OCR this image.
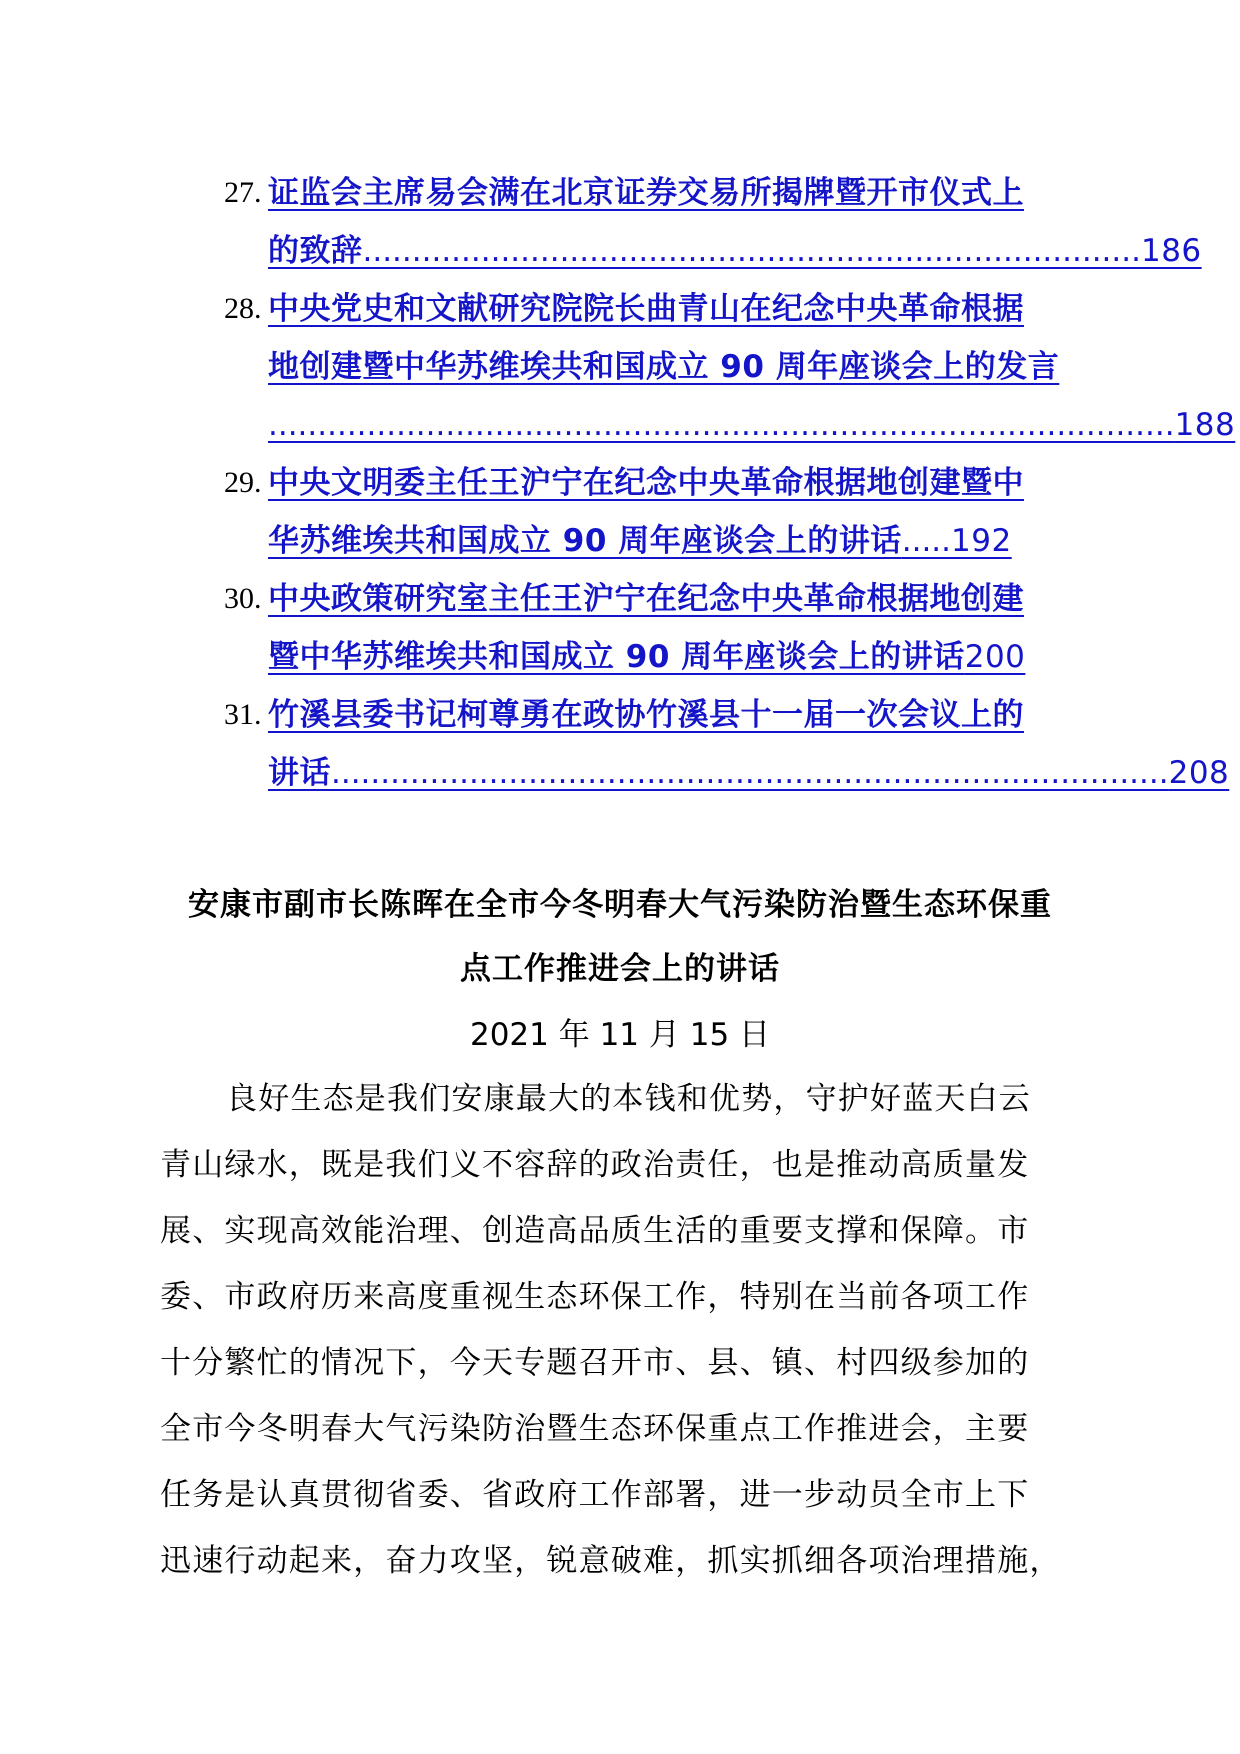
27. 证监会主席易会满在北京证券交易所揭牌暨开市仪式上
的致辞...............................................................................186
28. 中央党史和文献研究院院长曲青山在纪念中央革命根据
地创建暨中华苏维埃共和国成立 90 周年座谈会上的发言
............................................................................................188
29. 中央文明委主任王沪宁在纪念中央革命根据地创建暨中
华苏维埃共和国成立 90 周年座谈会上的讲话.....192
30. 中央政策研究室主任王沪宁在纪念中央革命根据地创建
暨中华苏维埃共和国成立 90 周年座谈会上的讲话200
31. 竹溪县委书记柯尊勇在政协竹溪县十一届一次会议上的
讲话.....................................................................................208
安康市副市长陈晖在全市今冬明春大气污染防治暨生态环保重
点工作推进会上的讲话
2021 年 11 月 15 日
良好生态是我们安康最大的本钱和优势，守护好蓝天白云
青山绿水，既是我们义不容辞的政治责任，也是推动高质量发
展、实现高效能治理、创造高品质生活的重要支撑和保障。市
委、市政府历来高度重视生态环保工作，特别在当前各项工作
十分繁忙的情况下，今天专题召开市、县、镇、村四级参加的
全市今冬明春大气污染防治暨生态环保重点工作推进会，主要
任务是认真贯彻省委、省政府工作部署，进一步动员全市上下
迅速行动起来，奋力攻坚，锐意破难，抓实抓细各项治理措施，
